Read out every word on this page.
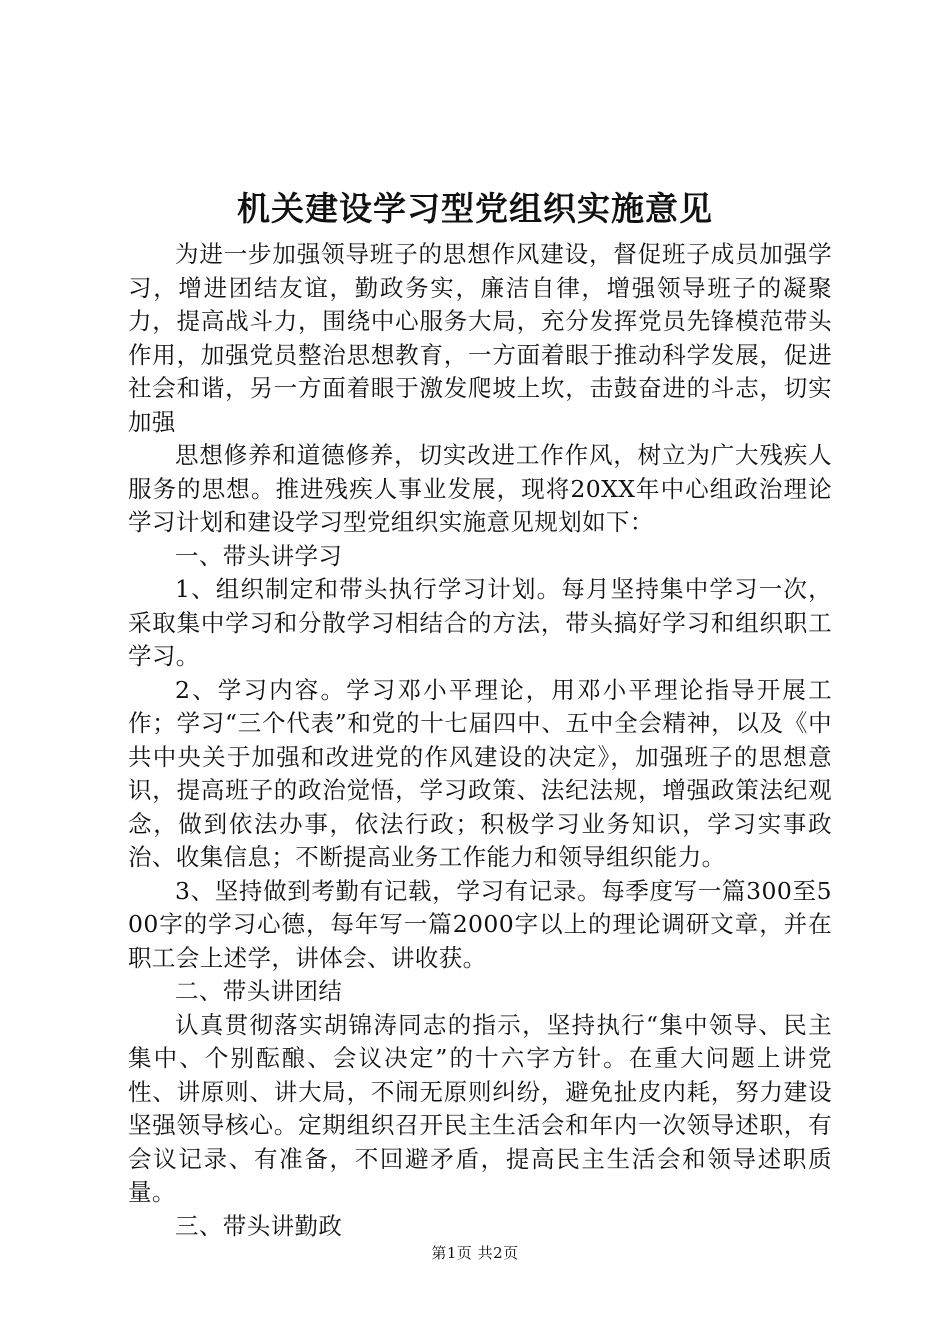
机关建设学习型党组织实施意见

为进一步加强领导班子的思想作风建设，督促班子成员加强学习，增进团结友谊，勤政务实，廉洁自律，增强领导班子的凝聚力，提高战斗力，围绕中心服务大局，充分发挥党员先锋模范带头作用，加强党员整治思想教育，一方面着眼于推动科学发展，促进社会和谐，另一方面着眼于激发爬坡上坎，击鼓奋进的斗志，切实加强

思想修养和道德修养，切实改进工作作风，树立为广大残疾人服务的思想。推进残疾人事业发展，现将20XX年中心组政治理论学习计划和建设学习型党组织实施意见规划如下：

一、带头讲学习

1、组织制定和带头执行学习计划。每月坚持集中学习一次，采取集中学习和分散学习相结合的方法，带头搞好学习和组织职工学习。

2、学习内容。学习邓小平理论，用邓小平理论指导开展工作；学习“三个代表”和党的十七届四中、五中全会精神，以及《中共中央关于加强和改进党的作风建设的决定》，加强班子的思想意识，提高班子的政治觉悟，学习政策、法纪法规，增强政策法纪观念，做到依法办事，依法行政；积极学习业务知识，学习实事政治、收集信息；不断提高业务工作能力和领导组织能力。

3、坚持做到考勤有记载，学习有记录。每季度写一篇300至500字的学习心德，每年写一篇2000字以上的理论调研文章，并在职工会上述学，讲体会、讲收获。

二、带头讲团结

认真贯彻落实胡锦涛同志的指示，坚持执行“集中领导、民主集中、个别酝酿、会议决定”的十六字方针。在重大问题上讲党性、讲原则、讲大局，不闹无原则纠纷，避免扯皮内耗，努力建设坚强领导核心。定期组织召开民主生活会和年内一次领导述职，有会议记录、有准备，不回避矛盾，提高民主生活会和领导述职质量。

三、带头讲勤政

第1页 共2页
